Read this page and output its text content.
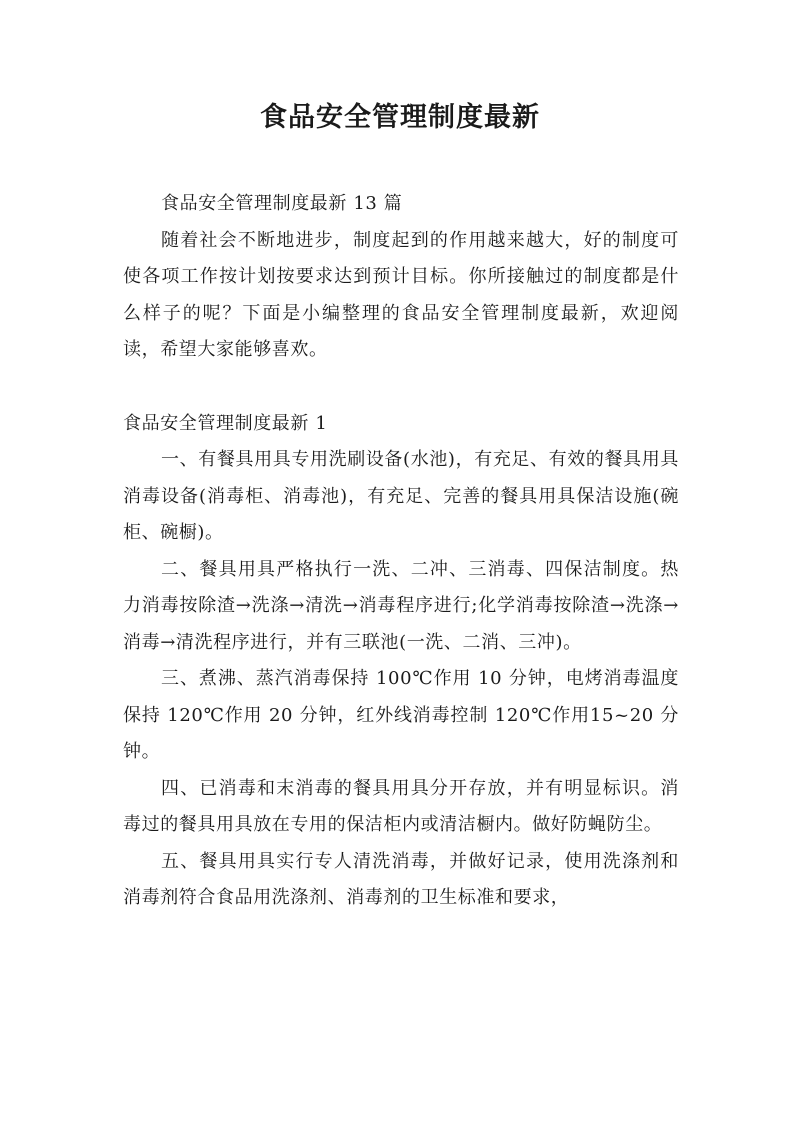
食品安全管理制度最新

食品安全管理制度最新 13 篇

随着社会不断地进步，制度起到的作用越来越大，好的制度可使各项工作按计划按要求达到预计目标。你所接触过的制度都是什么样子的呢？下面是小编整理的食品安全管理制度最新，欢迎阅读，希望大家能够喜欢。

食品安全管理制度最新 1

一、有餐具用具专用洗刷设备(水池)，有充足、有效的餐具用具消毒设备(消毒柜、消毒池)，有充足、完善的餐具用具保洁设施(碗柜、碗橱)。

二、餐具用具严格执行一洗、二冲、三消毒、四保洁制度。热力消毒按除渣→洗涤→清洗→消毒程序进行;化学消毒按除渣→洗涤→消毒→清洗程序进行，并有三联池(一洗、二消、三冲)。

三、煮沸、蒸汽消毒保持 100℃作用 10 分钟，电烤消毒温度保持 120℃作用 20 分钟，红外线消毒控制 120℃作用15~20 分钟。

四、已消毒和末消毒的餐具用具分开存放，并有明显标识。消毒过的餐具用具放在专用的保洁柜内或清洁橱内。做好防蝇防尘。

五、餐具用具实行专人清洗消毒，并做好记录，使用洗涤剂和消毒剂符合食品用洗涤剂、消毒剂的卫生标准和要求，
